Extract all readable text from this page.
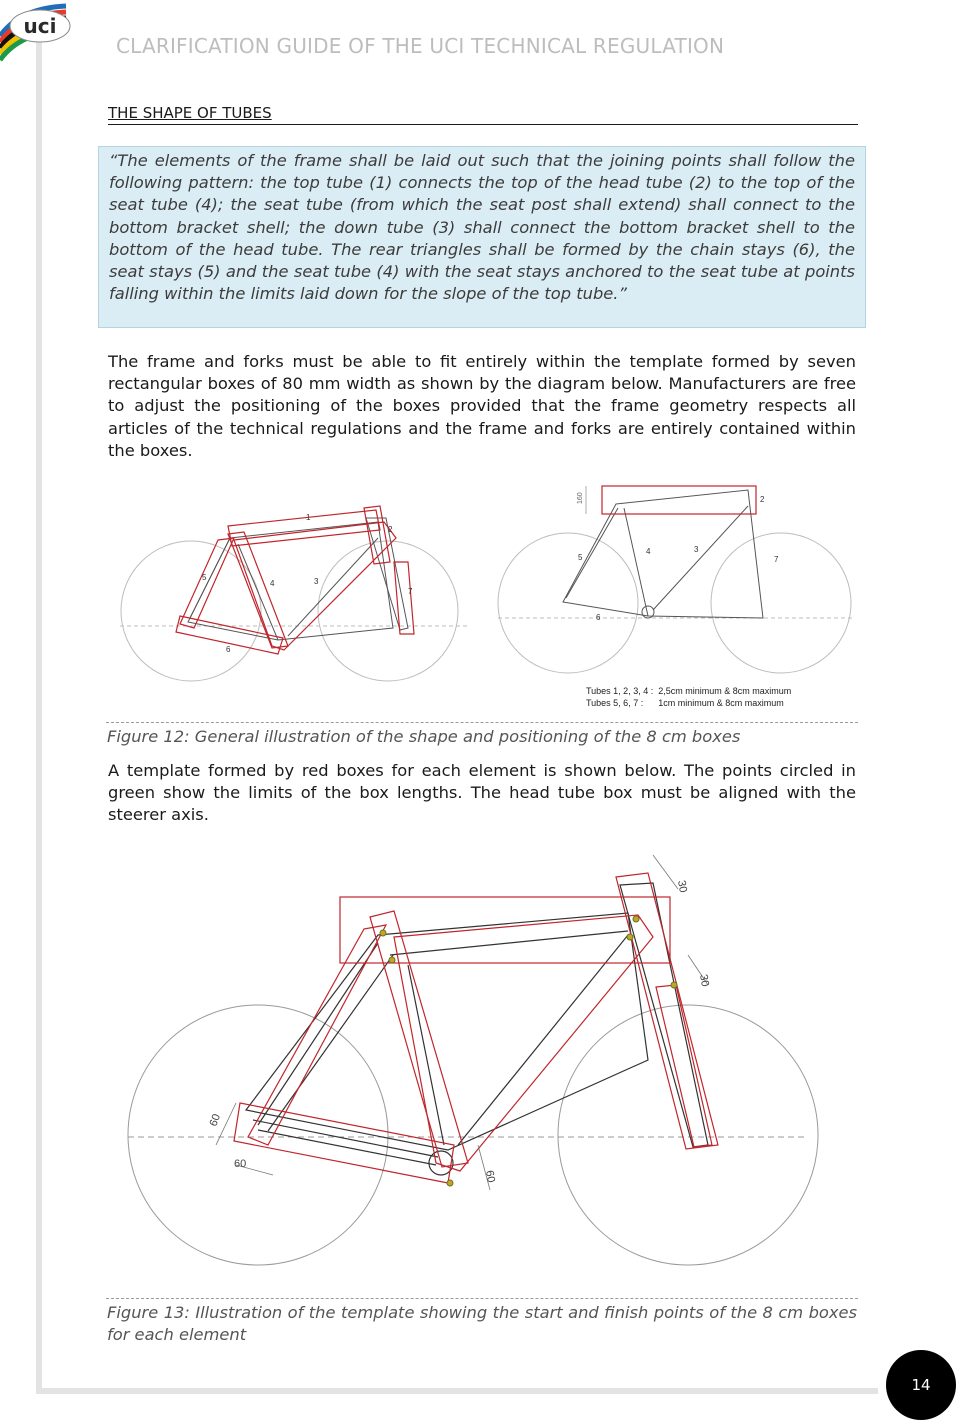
uci
CLARIFICATION GUIDE OF THE UCI TECHNICAL REGULATION
THE SHAPE OF TUBES
“The elements of the frame shall be laid out such that the joining points shall follow the following pattern: the top tube (1) connects the top of the head tube (2) to the top of the seat tube (4); the seat tube (from which the seat post shall extend) shall connect to the bottom bracket shell; the down tube (3) shall connect the bottom bracket shell to the bottom of the head tube. The rear triangles shall be formed by the chain stays (6), the seat stays (5) and the seat tube (4) with the seat stays anchored to the seat tube at points falling within the limits laid down for the slope of the top tube.”
The frame and forks must be able to fit entirely within the template formed by seven rectangular boxes of 80 mm width as shown by the diagram below. Manufacturers are free to adjust the positioning of the boxes provided that the frame geometry respects all articles of the technical regulations and the frame and forks are entirely contained within the boxes.
1
2
3
4
5
6
7
160	2
3
4
5
6
7
Tubes 1, 2, 3, 4 : 2,5cm minimum & 8cm maximum
Tubes 5, 6, 7 : 1cm minimum & 8cm maximum
Figure 12: General illustration of the shape and positioning of the 8 cm boxes
A template formed by red boxes for each element is shown below. The points circled in green show the limits of the box lengths. The head tube box must be aligned with the steerer axis.
30
30
60
60
60
Figure 13: Illustration of the template showing the start and finish points of the 8 cm boxes for each element
14
